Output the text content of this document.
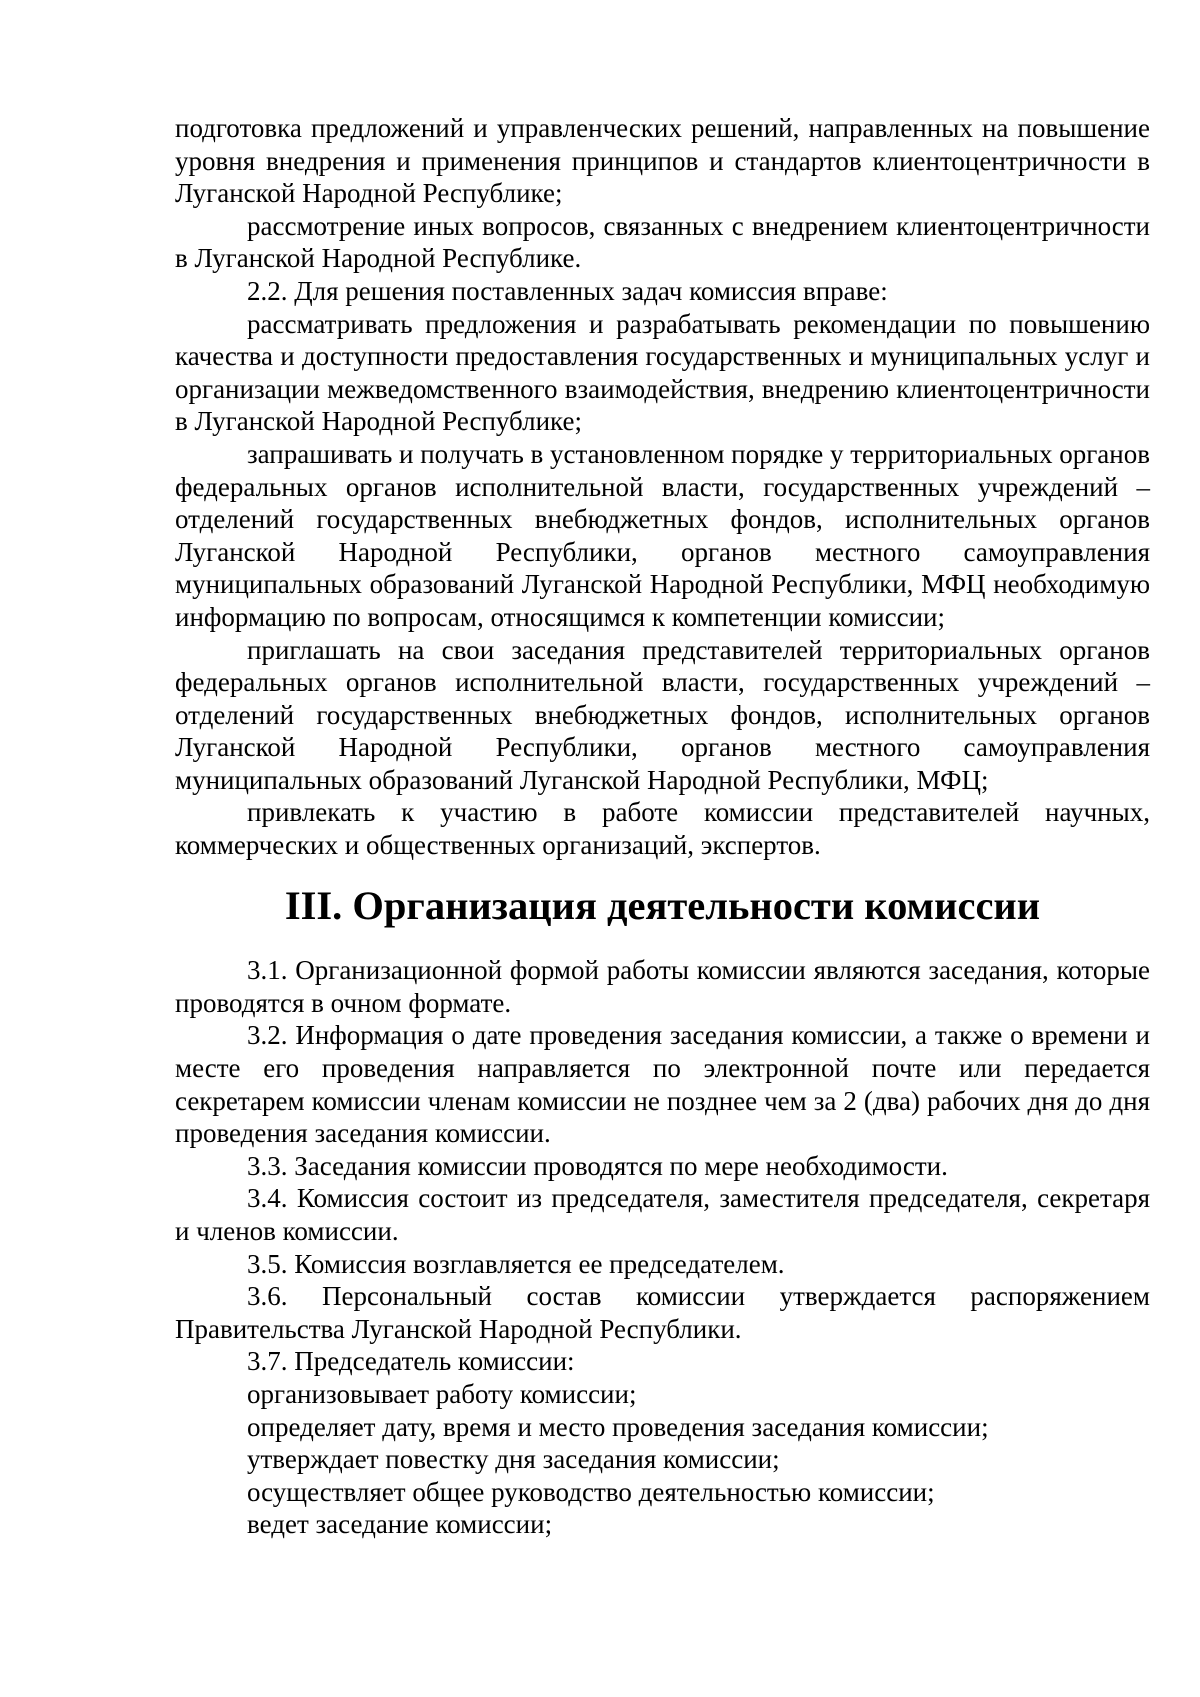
подготовка предложений и управленческих решений, направленных на повышение уровня внедрения и применения принципов и стандартов клиентоцентричности в Луганской Народной Республике;

рассмотрение иных вопросов, связанных с внедрением клиентоцентричности в Луганской Народной Республике.

2.2. Для решения поставленных задач комиссия вправе:

рассматривать предложения и разрабатывать рекомендации по повышению качества и доступности предоставления государственных и муниципальных услуг и организации межведомственного взаимодействия, внедрению клиентоцентричности в Луганской Народной Республике;

запрашивать и получать в установленном порядке у территориальных органов федеральных органов исполнительной власти, государственных учреждений – отделений государственных внебюджетных фондов, исполнительных органов Луганской Народной Республики, органов местного самоуправления муниципальных образований Луганской Народной Республики, МФЦ необходимую информацию по вопросам, относящимся к компетенции комиссии;

приглашать на свои заседания представителей территориальных органов федеральных органов исполнительной власти, государственных учреждений – отделений государственных внебюджетных фондов, исполнительных органов Луганской Народной Республики, органов местного самоуправления муниципальных образований Луганской Народной Республики, МФЦ;

привлекать к участию в работе комиссии представителей научных, коммерческих и общественных организаций, экспертов.

III. Организация деятельности комиссии

3.1. Организационной формой работы комиссии являются заседания, которые проводятся в очном формате.

3.2. Информация о дате проведения заседания комиссии, а также о времени и месте его проведения направляется по электронной почте или передается секретарем комиссии членам комиссии не позднее чем за 2 (два) рабочих дня до дня проведения заседания комиссии.

3.3. Заседания комиссии проводятся по мере необходимости.

3.4. Комиссия состоит из председателя, заместителя председателя, секретаря и членов комиссии.

3.5. Комиссия возглавляется ее председателем.

3.6. Персональный состав комиссии утверждается распоряжением Правительства Луганской Народной Республики.

3.7. Председатель комиссии:

организовывает работу комиссии;

определяет дату, время и место проведения заседания комиссии;

утверждает повестку дня заседания комиссии;

осуществляет общее руководство деятельностью комиссии;

ведет заседание комиссии;
